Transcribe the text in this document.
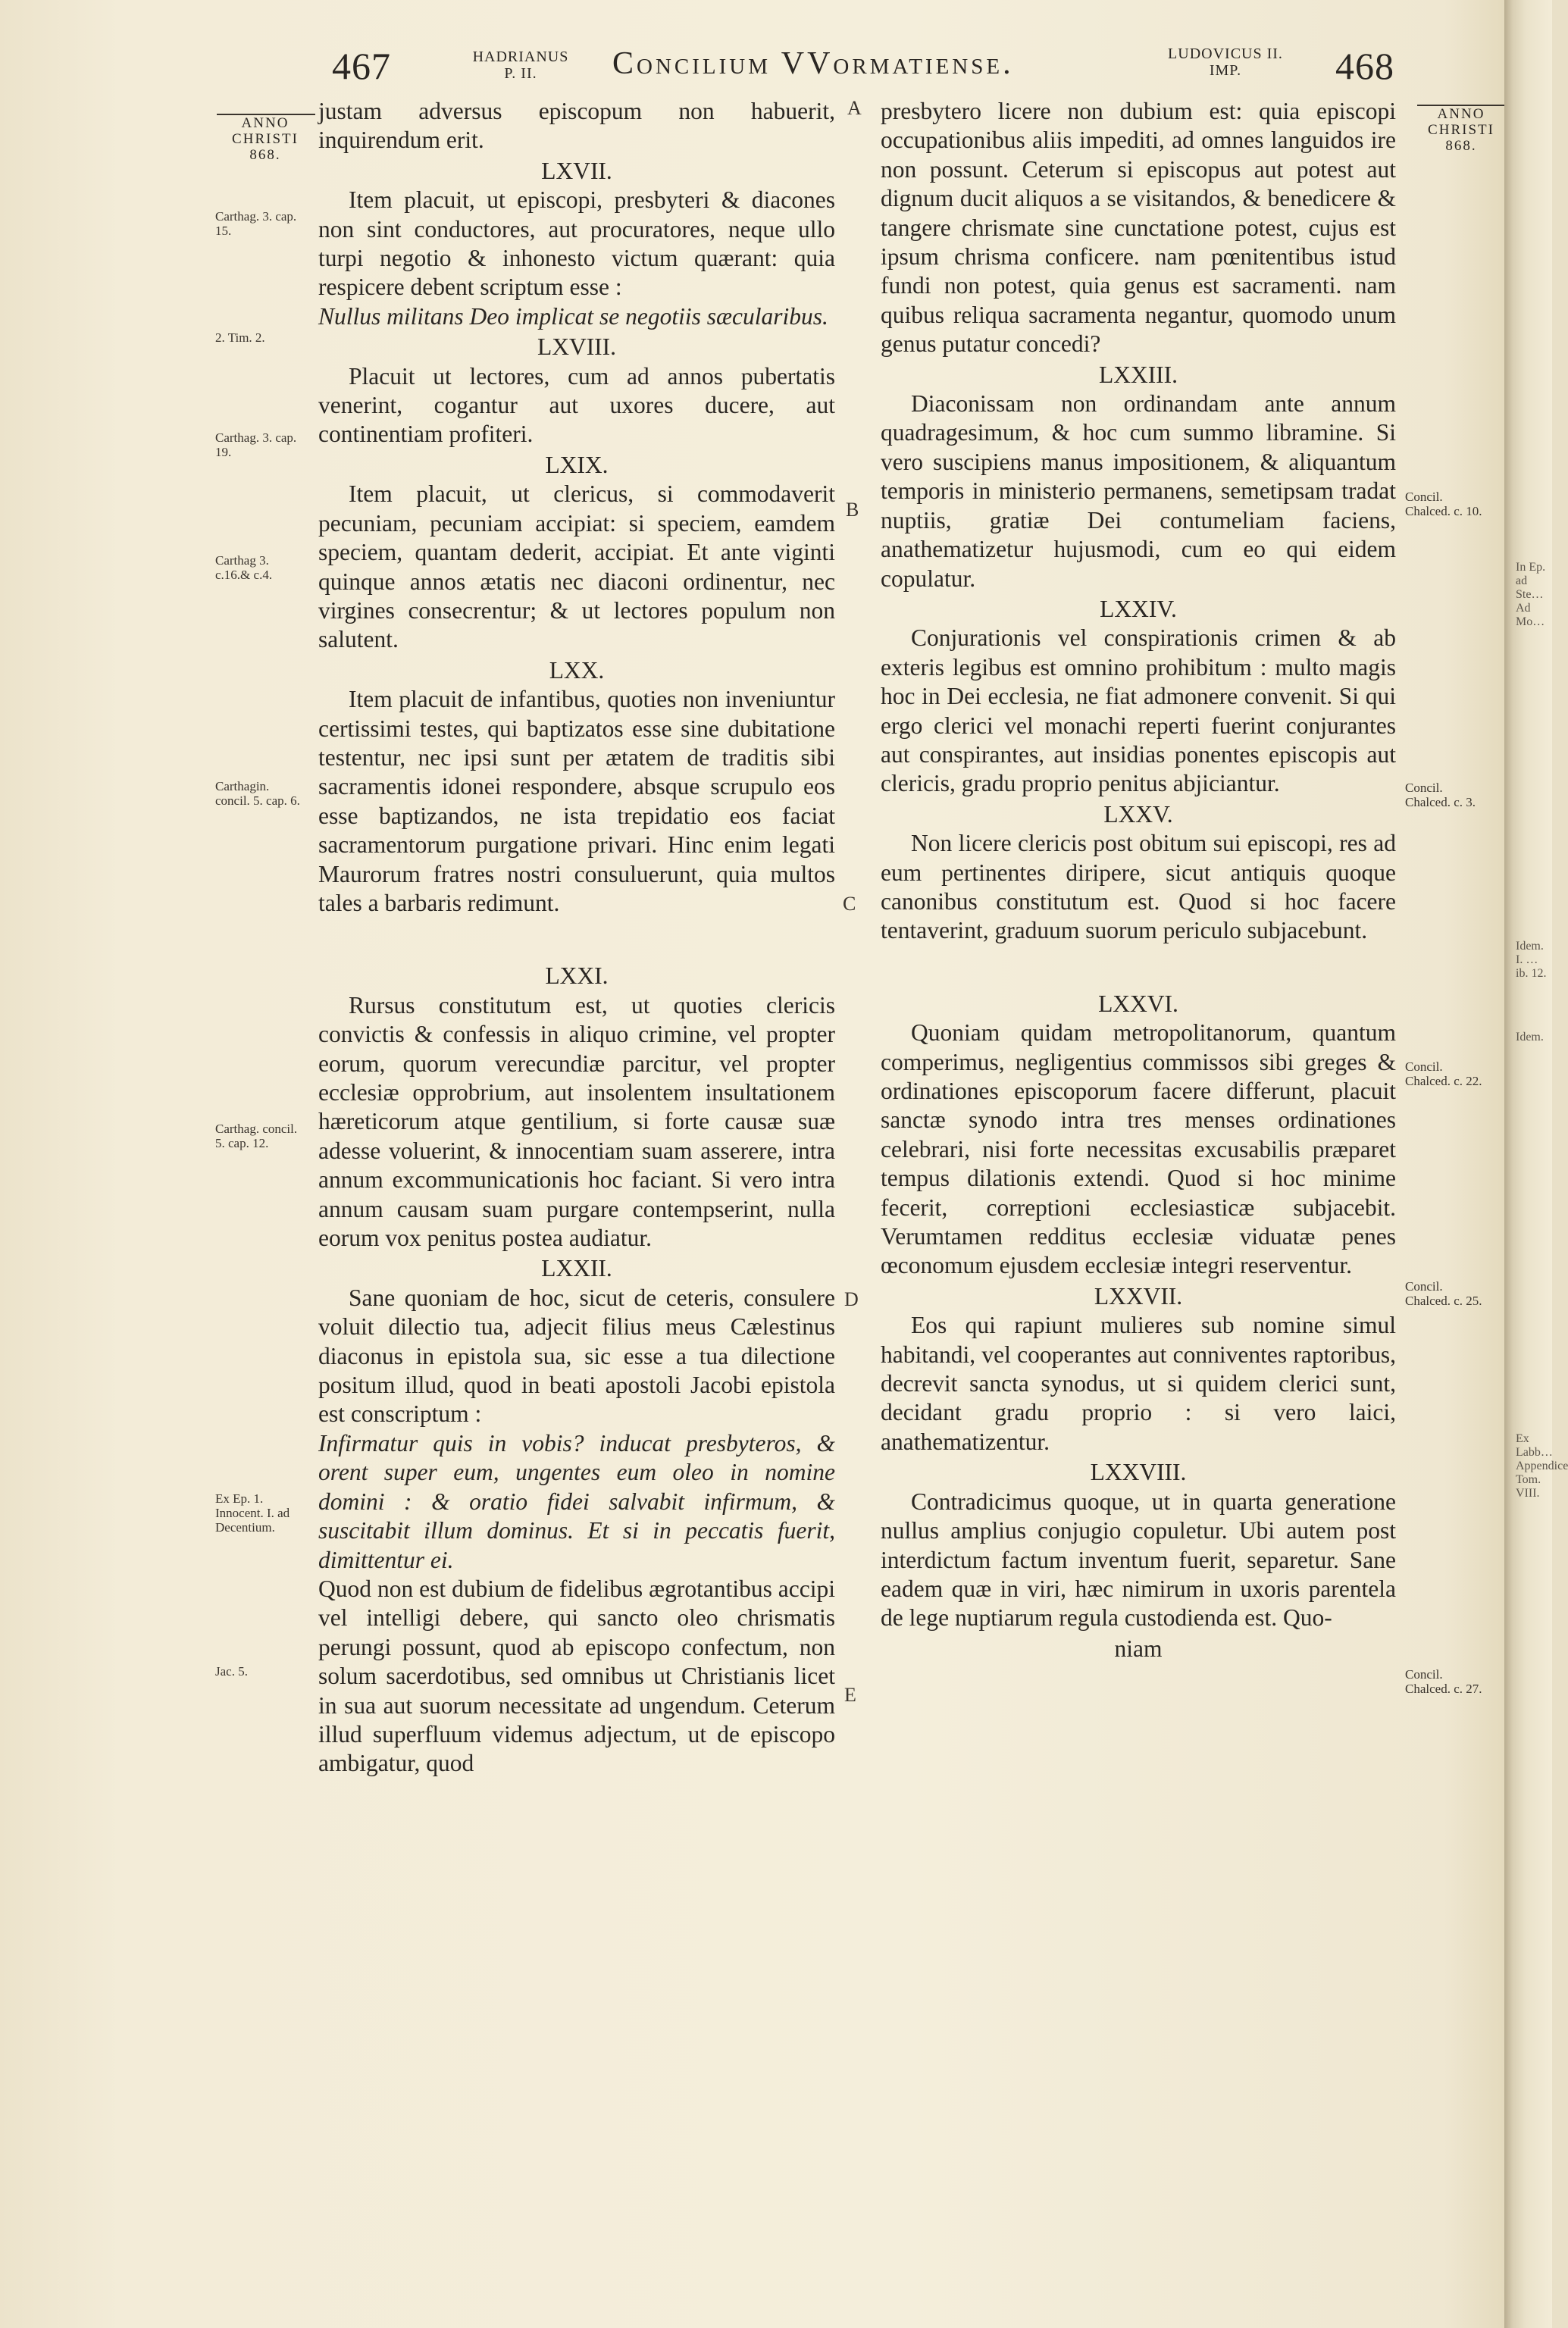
In Ep. ad Ste… Ad Mo…
Idem. I. … ib. 12.
Idem.
Ex Labb… Appendice Tom. VIII.
467	HADRIANUS
P. II.	Concilium VVormatiense.	LUDOVICUS II.
IMP.	468
ANNO
CHRISTI
868.
ANNO
CHRISTI
868.
A
B
C
D
E
Carthag. 3. cap. 15.
2. Tim. 2.
Carthag. 3. cap. 19.
Carthag 3. c.16.& c.4.
Carthagin. concil. 5. cap. 6.
Carthag. concil. 5. cap. 12.
Ex Ep. 1. Innocent. I. ad Decentium.
Jac. 5.
Concil. Chalced. c. 10.
Concil. Chalced. c. 3.
Concil. Chalced. c. 22.
Concil. Chalced. c. 25.
Concil. Chalced. c. 27.

justam adversus episcopum non habuerit, inquirendum erit.

LXVII.

Item placuit, ut episcopi, presbyteri & diacones non sint conductores, aut procuratores, neque ullo turpi negotio & inhonesto victum quærant: quia respicere debent scriptum esse :

Nullus militans Deo implicat se negotiis sæcularibus.

LXVIII.

Placuit ut lectores, cum ad annos pubertatis venerint, cogantur aut uxores ducere, aut continentiam profiteri.

LXIX.

Item placuit, ut clericus, si commodaverit pecuniam, pecuniam accipiat: si speciem, eamdem speciem, quantam dederit, accipiat. Et ante viginti quinque annos ætatis nec diaconi ordinentur, nec virgines consecrentur; & ut lectores populum non salutent.

LXX.

Item placuit de infantibus, quoties non inveniuntur certissimi testes, qui baptizatos esse sine dubitatione testentur, nec ipsi sunt per ætatem de traditis sibi sacramentis idonei respondere, absque scrupulo eos esse baptizandos, ne ista trepidatio eos faciat sacramentorum purgatione privari. Hinc enim legati Maurorum fratres nostri consuluerunt, quia multos tales a barbaris redimunt.

LXXI.

Rursus constitutum est, ut quoties clericis convictis & confessis in aliquo crimine, vel propter eorum, quorum verecundiæ parcitur, vel propter ecclesiæ opprobrium, aut insolentem insultationem hæreticorum atque gentilium, si forte causæ suæ adesse voluerint, & innocentiam suam asserere, intra annum excommunicationis hoc faciant. Si vero intra annum causam suam purgare contempserint, nulla eorum vox penitus postea audiatur.

LXXII.

Sane quoniam de hoc, sicut de ceteris, consulere voluit dilectio tua, adjecit filius meus Cælestinus diaconus in epistola sua, sic esse a tua dilectione positum illud, quod in beati apostoli Jacobi epistola est conscriptum :

Infirmatur quis in vobis? inducat presbyteros, & orent super eum, ungentes eum oleo in nomine domini : & oratio fidei salvabit infirmum, & suscitabit illum dominus. Et si in peccatis fuerit, dimittentur ei.

Quod non est dubium de fidelibus ægrotantibus accipi vel intelligi debere, qui sancto oleo chrismatis perungi possunt, quod ab episcopo confectum, non solum sacerdotibus, sed omnibus ut Christianis licet in sua aut suorum necessitate ad ungendum. Ceterum illud superfluum videmus adjectum, ut de episcopo ambigatur, quod

presbytero licere non dubium est: quia episcopi occupationibus aliis impediti, ad omnes languidos ire non possunt. Ceterum si episcopus aut potest aut dignum ducit aliquos a se visitandos, & benedicere & tangere chrismate sine cunctatione potest, cujus est ipsum chrisma conficere. nam pœnitentibus istud fundi non potest, quia genus est sacramenti. nam quibus reliqua sacramenta negantur, quomodo unum genus putatur concedi?

LXXIII.

Diaconissam non ordinandam ante annum quadragesimum, & hoc cum summo libramine. Si vero suscipiens manus impositionem, & aliquantum temporis in ministerio permanens, semetipsam tradat nuptiis, gratiæ Dei contumeliam faciens, anathematizetur hujusmodi, cum eo qui eidem copulatur.

LXXIV.

Conjurationis vel conspirationis crimen & ab exteris legibus est omnino prohibitum : multo magis hoc in Dei ecclesia, ne fiat admonere convenit. Si qui ergo clerici vel monachi reperti fuerint conjurantes aut conspirantes, aut insidias ponentes episcopis aut clericis, gradu proprio penitus abjiciantur.

LXXV.

Non licere clericis post obitum sui episcopi, res ad eum pertinentes diripere, sicut antiquis quoque canonibus constitutum est. Quod si hoc facere tentaverint, graduum suorum periculo subjacebunt.

LXXVI.

Quoniam quidam metropolitanorum, quantum comperimus, negligentius commissos sibi greges & ordinationes episcoporum facere differunt, placuit sanctæ synodo intra tres menses ordinationes celebrari, nisi forte necessitas excusabilis præparet tempus dilationis extendi. Quod si hoc minime fecerit, correptioni ecclesiasticæ subjacebit. Verumtamen redditus ecclesiæ viduatæ penes œconomum ejusdem ecclesiæ integri reserventur.

LXXVII.

Eos qui rapiunt mulieres sub nomine simul habitandi, vel cooperantes aut conniventes raptoribus, decrevit sancta synodus, ut si quidem clerici sunt, decidant gradu proprio : si vero laici, anathematizentur.

LXXVIII.

Contradicimus quoque, ut in quarta generatione nullus amplius conjugio copuletur. Ubi autem post interdictum factum inventum fuerit, separetur. Sane eadem quæ in viri, hæc nimirum in uxoris parentela de lege nuptiarum regula custodienda est. Quo-

niam
